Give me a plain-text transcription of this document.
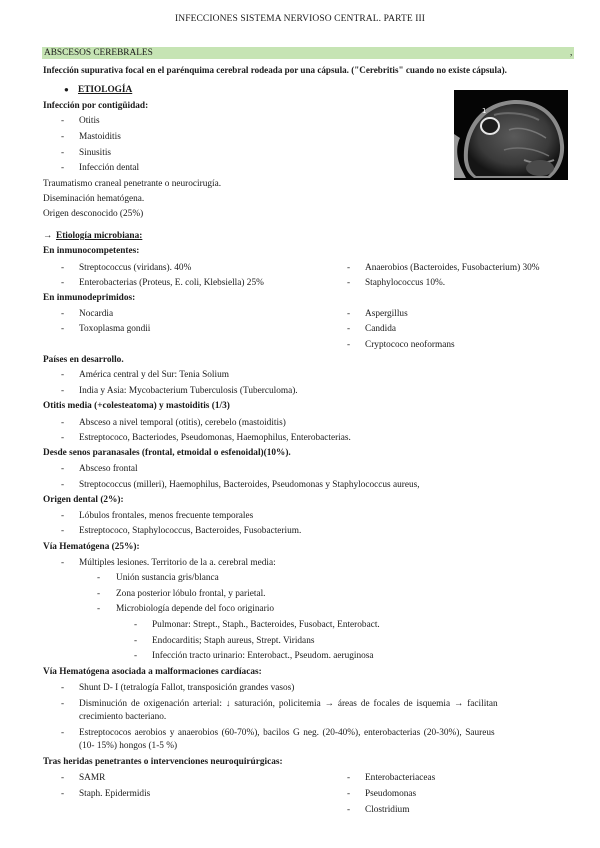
INFECCIONES SISTEMA NERVIOSO CENTRAL. PARTE III
ABSCESOS CEREBRALES	,
Infección supurativa focal en el parénquima cerebral rodeada por una cápsula. ("Cerebritis" cuando no existe cápsula).
1
● ETIOLOGÍA
Infección por contigüidad:
- Otitis
- Mastoiditis
- Sinusitis
- Infección dental
Traumatismo craneal penetrante o neurocirugía.
Diseminación hematógena.
Origen desconocido (25%)
→ Etiología microbiana:
En inmunocompetentes:
- Streptococcus (viridans). 40%
- Enterobacterias (Proteus, E. coli, Klebsiella) 25%
- Anaerobios (Bacteroides, Fusobacterium) 30%
- Staphylococcus 10%.
En inmunodeprimidos:
- Nocardia
- Toxoplasma gondii
- Aspergillus
- Candida
- Cryptococo neoformans
Países en desarrollo.
- América central y del Sur: Tenia Solium
- India y Asia: Mycobacterium Tuberculosis (Tuberculoma).
Otitis media (+colesteatoma) y mastoiditis (1/3)
- Absceso a nivel temporal (otitis), cerebelo (mastoiditis)
- Estreptococo, Bacteriodes, Pseudomonas, Haemophilus, Enterobacterias.
Desde senos paranasales (frontal, etmoidal o esfenoidal)(10%).
- Absceso frontal
- Streptococcus (milleri), Haemophilus, Bacteroides, Pseudomonas y Staphylococcus aureus,
Origen dental (2%):
- Lóbulos frontales, menos frecuente temporales
- Estreptococo, Staphylococcus, Bacteroides, Fusobacterium.
Vía Hematógena (25%):
- Múltiples lesiones. Territorio de la a. cerebral media:
- Unión sustancia gris/blanca
- Zona posterior lóbulo frontal, y parietal.
- Microbiología depende del foco originario
- Pulmonar: Strept., Staph., Bacteroides, Fusobact, Enterobact.
- Endocarditis; Staph aureus, Strept. Viridans
- Infección tracto urinario: Enterobact., Pseudom. aeruginosa
Vía Hematógena asociada a malformaciones cardíacas:
- Shunt D- I (tetralogía Fallot, transposición grandes vasos)
- Disminución de oxigenación arterial: ↓ saturación, policitemia → áreas de focales de isquemia → facilitan
crecimiento bacteriano.
- Estreptococos aerobios y anaerobios (60-70%), bacilos G neg. (20-40%), enterobacterias (20-30%), Saureus
(10- 15%) hongos (1-5 %)
Tras heridas penetrantes o intervenciones neuroquirúrgicas:
- SAMR
- Staph. Epidermidis
- Enterobacteriaceas
- Pseudomonas
- Clostridium
